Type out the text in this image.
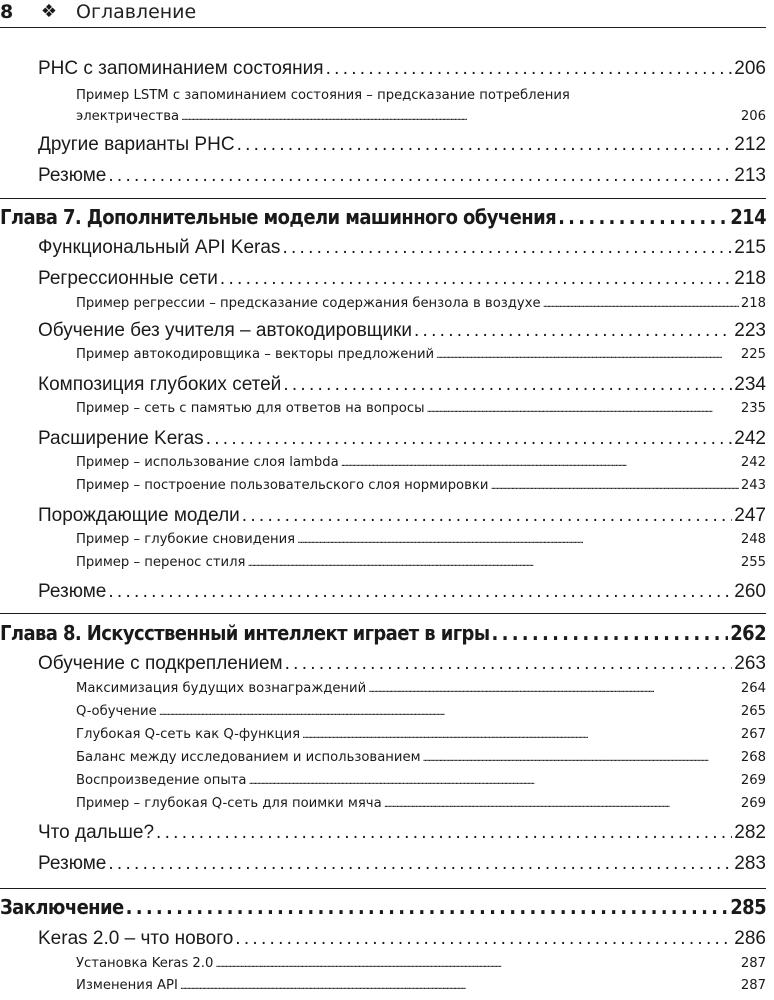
8	❖ Оглавление
РНС с запоминанием состояния . . .	206
Пример LSTM с запоминанием состояния – предсказание потребления
электричества . . .	206
Другие варианты РНС . . .	212
Резюме . . .	213
Глава 7. Дополнительные модели машинного обучения . . .	214
Функциональный API Keras . . .	215
Регрессионные сети . . .	218
Пример регрессии – предсказание содержания бензола в воздухе . . .	218
Обучение без учителя – автокодировщики . . .	223
Пример автокодировщика – векторы предложений . . .	225
Композиция глубоких сетей . . .	234
Пример – сеть с памятью для ответов на вопросы . . .	235
Расширение Keras . . .	242
Пример – использование слоя lambda . . .	242
Пример – построение пользовательского слоя нормировки . . .	243
Порождающие модели . . .	247
Пример – глубокие сновидения . . .	248
Пример – перенос стиля . . .	255
Резюме . . .	260
Глава 8. Искусственный интеллект играет в игры . . .	262
Обучение с подкреплением . . .	263
Максимизация будущих вознаграждений . . .	264
Q-обучение . . .	265
Глубокая Q-сеть как Q-функция . . .	267
Баланс между исследованием и использованием . . .	268
Воспроизведение опыта . . .	269
Пример – глубокая Q-сеть для поимки мяча . . .	269
Что дальше? . . .	282
Резюме . . .	283
Заключение . . .	285
Keras 2.0 – что нового . . .	286
Установка Keras 2.0 . . .	287
Изменения API . . .	287
